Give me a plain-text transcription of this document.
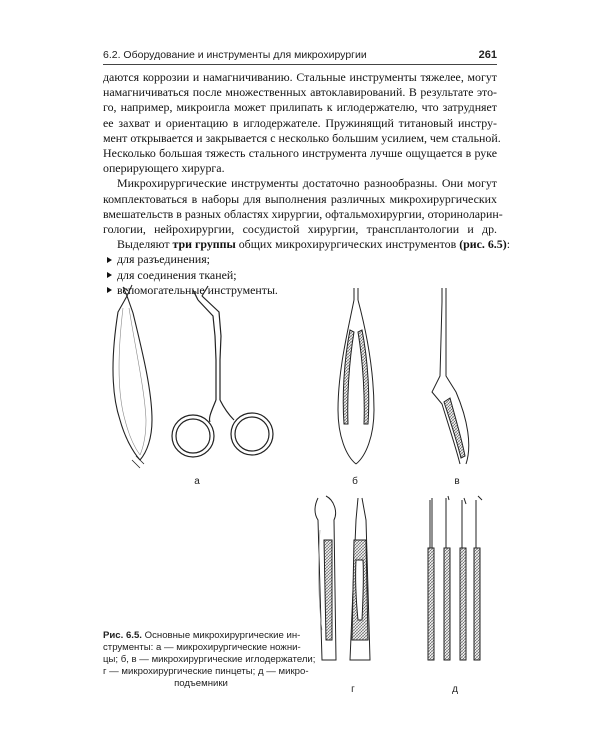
6.2. Оборудование и инструменты для микрохирургии	261
даются коррозии и намагничиванию. Стальные инструменты тяжелее, могут
намагничиваться после множественных автоклавирований. В результате это-
го, например, микроигла может прилипать к иглодержателю, что затрудняет
ее захват и ориентацию в иглодержателе. Пружинящий титановый инстру-
мент открывается и закрывается с несколько большим усилием, чем стальной.
Несколько большая тяжесть стального инструмента лучше ощущается в руке
оперирующего хирурга.
Микрохирургические инструменты достаточно разнообразны. Они могут
комплектоваться в наборы для выполнения различных микрохирургических
вмешательств в разных областях хирургии, офтальмохирургии, оториноларин-
гологии, нейрохирургии, сосудистой хирургии, трансплантологии и др.
Выделяют три группы общих микрохирургических инструментов (рис. 6.5):
для разъединения;
для соединения тканей;
вспомогательные инструменты.
а	б	в
г	д
Рис. 6.5. Основные микрохирургические ин-
струменты: а — микрохирургические ножни-
цы; б, в — микрохирургические иглодержатели;
г — микрохирургические пинцеты; д — микро-
подъемники
